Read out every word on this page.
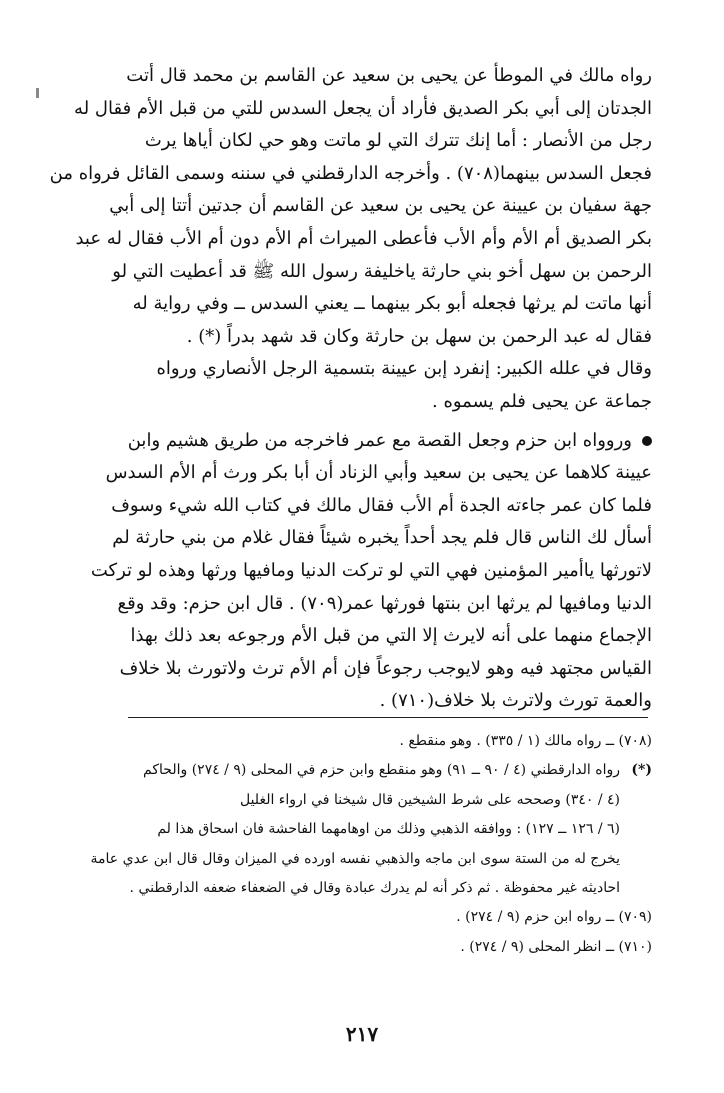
رواه مالك في الموطأ عن يحيى بن سعيد عن القاسم بن محمد قال أتت

الجدتان إلى أبي بكر الصديق فأراد أن يجعل السدس للتي من قبل الأم فقال له

رجل من الأنصار : أما إنك تترك التي لو ماتت وهو حي لكان أياها يرث

فجعل السدس بينهما(٧٠٨) . وأخرجه الدارقطني في سننه وسمى القائل فرواه من

جهة سفيان بن عيينة عن يحيى بن سعيد عن القاسم أن جدتين أتتا إلى أبي

بكر الصديق أم الأم وأم الأب فأعطى الميراث أم الأم دون أم الأب فقال له عبد

الرحمن بن سهل أخو بني حارثة ياخليفة رسول الله ﷺ قد أعطيت التي لو

أنها ماتت لم يرثها فجعله أبو بكر بينهما ــ يعني السدس ــ وفي رواية له

فقال له عبد الرحمن بن سهل بن حارثة وكان قد شهد بدراً (*) .

وقال في علله الكبير: إنفرد إبن عيينة بتسمية الرجل الأنصاري ورواه

جماعة عن يحيى فلم يسموه .

وروواه ابن حزم وجعل القصة مع عمر فاخرجه من طريق هشيم وابن

عيينة كلاهما عن يحيى بن سعيد وأبي الزناد أن أبا بكر ورث أم الأم السدس

فلما كان عمر جاءته الجدة أم الأب فقال مالك في كتاب الله شيء وسوف

أسأل لك الناس قال فلم يجد أحداً يخبره شيئاً فقال غلام من بني حارثة لم

لاتورثها ياأمير المؤمنين فهي التي لو تركت الدنيا ومافيها ورثها وهذه لو تركت

الدنيا ومافيها لم يرثها ابن بنتها فورثها عمر(٧٠٩) . قال ابن حزم: وقد وقع

الإجماع منهما على أنه لايرث إلا التي من قبل الأم ورجوعه بعد ذلك بهذا

القياس مجتهد فيه وهو لايوجب رجوعاً فإن أم الأم ترث ولاتورث بلا خلاف

والعمة تورث ولاترث بلا خلاف(٧١٠) .

(٧٠٨) ــ رواه مالك (١ / ٣٣٥) . وهو منقطع .

(*)رواه الدارقطني (٤ / ٩٠ ــ ٩١) وهو منقطع وابن حزم في المحلى (٩ / ٢٧٤) والحاكم

(٤ / ٣٤٠) وصححه على شرط الشيخين قال شيخنا في ارواء الغليل

(٦ / ١٢٦ ــ ١٢٧) : ووافقه الذهبي وذلك من اوهامهما الفاحشة فان اسحاق هذا لم

يخرج له من الستة سوى ابن ماجه والذهبي نفسه اورده في الميزان وقال قال ابن عدي عامة

احاديثه غير محفوظة . ثم ذكر أنه لم يدرك عبادة وقال في الضعفاء ضعفه الدارقطني .

(٧٠٩) ــ رواه ابن حزم (٩ / ٢٧٤) .

(٧١٠) ــ انظر المحلى (٩ / ٢٧٤) .

٢١٧
